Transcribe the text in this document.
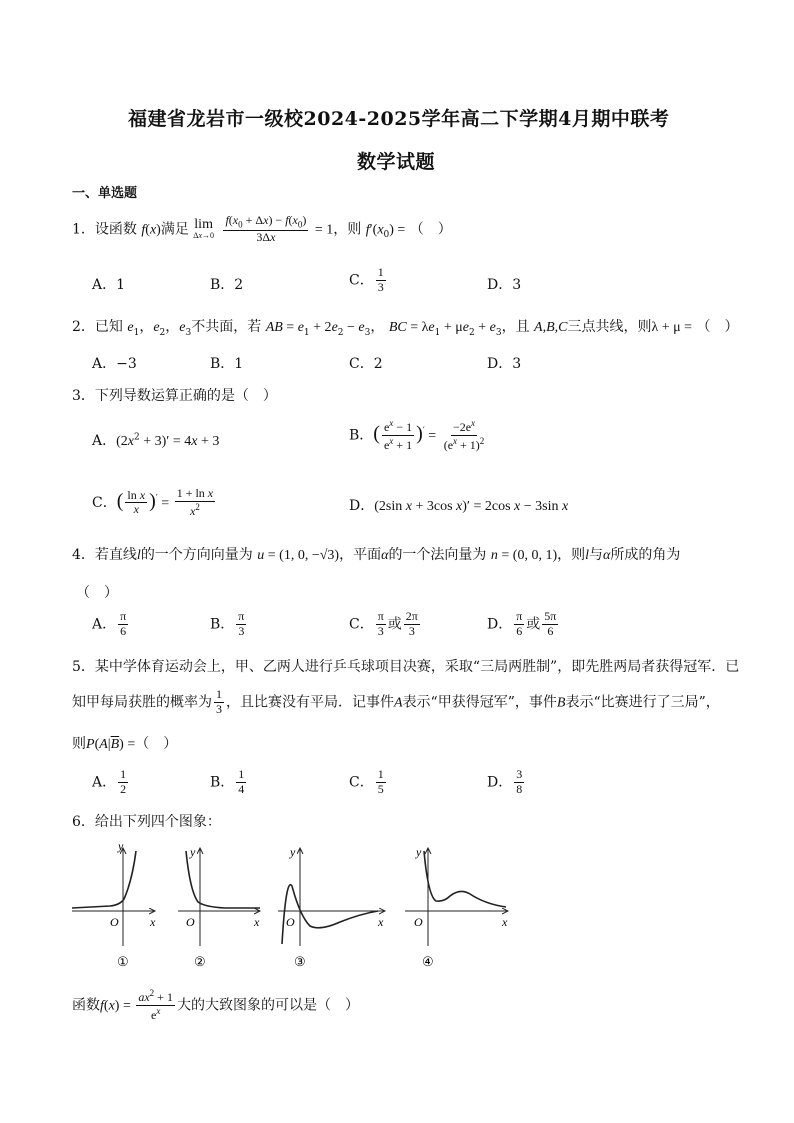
福建省龙岩市一级校2024-2025学年高二下学期4月期中联考
数学试题
一、单选题
1．设函数 f(x)满足 lim
Δx→0
$\frac{f(x_0 + \Delta x) - f(x_0)}{3\Delta x} = 1$，则 $f'(x_0)$ = （　）
A．1	B．2	C． $\frac{1}{3}$	D．3
2．已知 $e_1$，$e_2$，$e_3$不共面，若 AB = $e_1 + 2e_2 - e_3$， BC = $\lambda e_1 + \mu e_2 + e_3$，且 A,B,C三点共线，则λ + μ = （　）
A．−3	B．1	C．2	D．3
3．下列导数运算正确的是（　）
A．$(2x^2 + 3)' = 4x + 3$	B．( $\frac{e^x - 1}{e^x + 1} )' = \frac{-2e^x}{(e^x + 1)^2}$
C．( $\frac{\text{ln x}}{x} )' = \frac{\text{1 + ln x}}{x^2}$	D．(2sin x + 3cos x)′ = 2cos x − 3sin x
4．若直线l的一个方向向量为 u = (1, 0, −√3)，平面α的一个法向量为 n = (0, 0, 1)，则l与α所成的角为
（　）
A． $\frac{\pi}{6}$	B． $\frac{\pi}{3}$	C． $\frac{\pi}{3}$ 或 $\frac{2\pi}{3}$	D． $\frac{\pi}{6}$ 或 $\frac{5\pi}{6}$
5．某中学体育运动会上，甲、乙两人进行乒乓球项目决赛，采取“三局两胜制”，即先胜两局者获得冠军．已
知甲每局获胜的概率为 $\frac{1}{3}$ ，且比赛没有平局．记事件A表示“甲获得冠军”，事件B表示“比赛进行了三局”，
则$P(A|\overline{B})$ =（　）
A． $\frac{1}{2}$	B． $\frac{1}{4}$	C． $\frac{1}{5}$	D． $\frac{3}{8}$
6．给出下列四个图象：
y
x
O
①
y
x
O
②
y
x
O
③
y
x
O
④
函数$f(x) = \frac{ax^2 + 1}{e^x}$ 大的大致图象的可以是（　）
